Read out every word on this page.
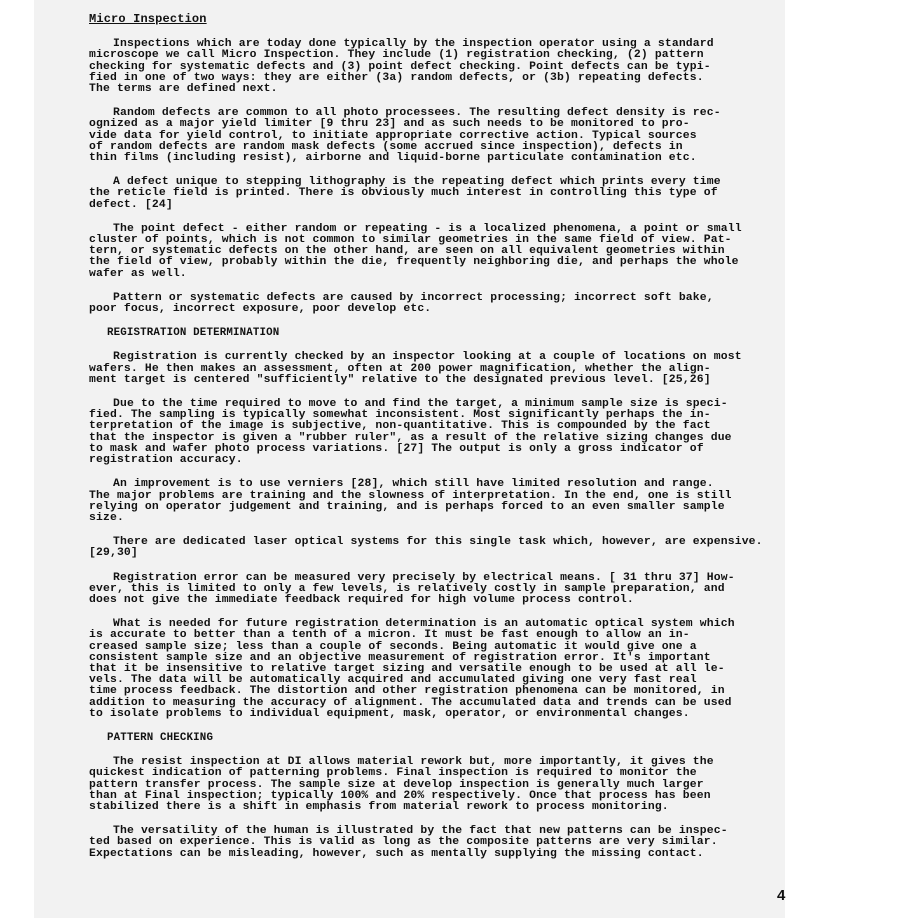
Micro Inspection

Inspections which are today done typically by the inspection operator using a standard
microscope we call Micro Inspection. They include (1) registration checking, (2) pattern
checking for systematic defects and (3) point defect checking. Point defects can be typi-
fied in one of two ways: they are either (3a) random defects, or (3b) repeating defects.
The terms are defined next.

Random defects are common to all photo processees. The resulting defect density is rec-
ognized as a major yield limiter [9 thru 23] and as such needs to be monitored to pro-
vide data for yield control, to initiate appropriate corrective action. Typical sources
of random defects are random mask defects (some accrued since inspection), defects in
thin films (including resist), airborne and liquid-borne particulate contamination etc.

A defect unique to stepping lithography is the repeating defect which prints every time
the reticle field is printed. There is obviously much interest in controlling this type of
defect. [24]

The point defect - either random or repeating - is a localized phenomena, a point or small
cluster of points, which is not common to similar geometries in the same field of view. Pat-
tern, or systematic defects on the other hand, are seen on all equivalent geometries within
the field of view, probably within the die, frequently neighboring die, and perhaps the whole
wafer as well.

Pattern or systematic defects are caused by incorrect processing; incorrect soft bake,
poor focus, incorrect exposure, poor develop etc.

REGISTRATION DETERMINATION

Registration is currently checked by an inspector looking at a couple of locations on most
wafers. He then makes an assessment, often at 200 power magnification, whether the align-
ment target is centered "sufficiently" relative to the designated previous level. [25,26]

Due to the time required to move to and find the target, a minimum sample size is speci-
fied. The sampling is typically somewhat inconsistent. Most significantly perhaps the in-
terpretation of the image is subjective, non-quantitative. This is compounded by the fact
that the inspector is given a "rubber ruler", as a result of the relative sizing changes due
to mask and wafer photo process variations. [27] The output is only a gross indicator of
registration accuracy.

An improvement is to use verniers [28], which still have limited resolution and range.
The major problems are training and the slowness of interpretation. In the end, one is still
relying on operator judgement and training, and is perhaps forced to an even smaller sample
size.

There are dedicated laser optical systems for this single task which, however, are expensive. [29,30]

Registration error can be measured very precisely by electrical means. [ 31 thru 37] How-
ever, this is limited to only a few levels, is relatively costly in sample preparation, and
does not give the immediate feedback required for high volume process control.

What is needed for future registration determination is an automatic optical system which
is accurate to better than a tenth of a micron. It must be fast enough to allow an in-
creased sample size; less than a couple of seconds. Being automatic it would give one a
consistent sample size and an objective measurement of registration error. It's important
that it be insensitive to relative target sizing and versatile enough to be used at all le-
vels. The data will be automatically acquired and accumulated giving one very fast real
time process feedback. The distortion and other registration phenomena can be monitored, in
addition to measuring the accuracy of alignment. The accumulated data and trends can be used
to isolate problems to individual equipment, mask, operator, or environmental changes.

PATTERN CHECKING

The resist inspection at DI allows material rework but, more importantly, it gives the
quickest indication of patterning problems. Final inspection is required to monitor the
pattern transfer process. The sample size at develop inspection is generally much larger
than at Final inspection; typically 100% and 20% respectively. Once that process has been
stabilized there is a shift in emphasis from material rework to process monitoring.

The versatility of the human is illustrated by the fact that new patterns can be inspec-
ted based on experience. This is valid as long as the composite patterns are very similar.
Expectations can be misleading, however, such as mentally supplying the missing contact.

4
